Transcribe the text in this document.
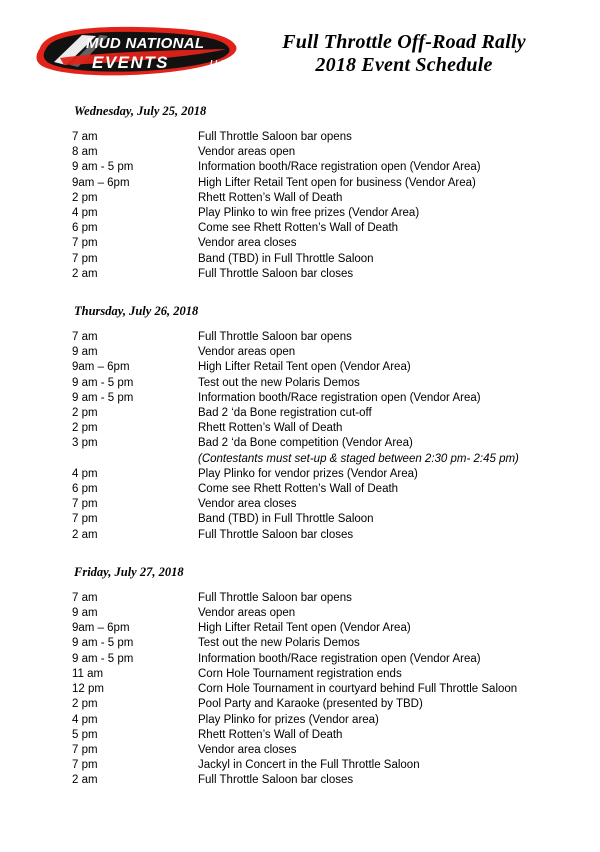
MUD NATIONAL
EVENTS	LLC
Full Throttle Off-Road Rally
2018 Event Schedule
Wednesday, July 25, 2018
7 am	Full Throttle Saloon bar opens
8 am	Vendor areas open
9 am - 5 pm	Information booth/Race registration open (Vendor Area)
9am – 6pm	High Lifter Retail Tent open for business (Vendor Area)
2 pm	Rhett Rotten’s Wall of Death
4 pm	Play Plinko to win free prizes (Vendor Area)
6 pm	Come see Rhett Rotten’s Wall of Death
7 pm	Vendor area closes
7 pm	Band (TBD) in Full Throttle Saloon
2 am	Full Throttle Saloon bar closes
Thursday, July 26, 2018
7 am	Full Throttle Saloon bar opens
9 am	Vendor areas open
9am – 6pm	High Lifter Retail Tent open (Vendor Area)
9 am - 5 pm	Test out the new Polaris Demos
9 am - 5 pm	Information booth/Race registration open (Vendor Area)
2 pm	Bad 2 ‘da Bone registration cut-off
2 pm	Rhett Rotten’s Wall of Death
3 pm	Bad 2 ‘da Bone competition (Vendor Area)
(Contestants must set-up & staged between 2:30 pm- 2:45 pm)
4 pm	Play Plinko for vendor prizes (Vendor Area)
6 pm	Come see Rhett Rotten’s Wall of Death
7 pm	Vendor area closes
7 pm	Band (TBD) in Full Throttle Saloon
2 am	Full Throttle Saloon bar closes
Friday, July 27, 2018
7 am	Full Throttle Saloon bar opens
9 am	Vendor areas open
9am – 6pm	High Lifter Retail Tent open (Vendor Area)
9 am - 5 pm	Test out the new Polaris Demos
9 am - 5 pm	Information booth/Race registration open (Vendor Area)
11 am	Corn Hole Tournament registration ends
12 pm	Corn Hole Tournament in courtyard behind Full Throttle Saloon
2 pm	Pool Party and Karaoke (presented by TBD)
4 pm	Play Plinko for prizes (Vendor area)
5 pm	Rhett Rotten’s Wall of Death
7 pm	Vendor area closes
7 pm	Jackyl in Concert in the Full Throttle Saloon
2 am	Full Throttle Saloon bar closes
